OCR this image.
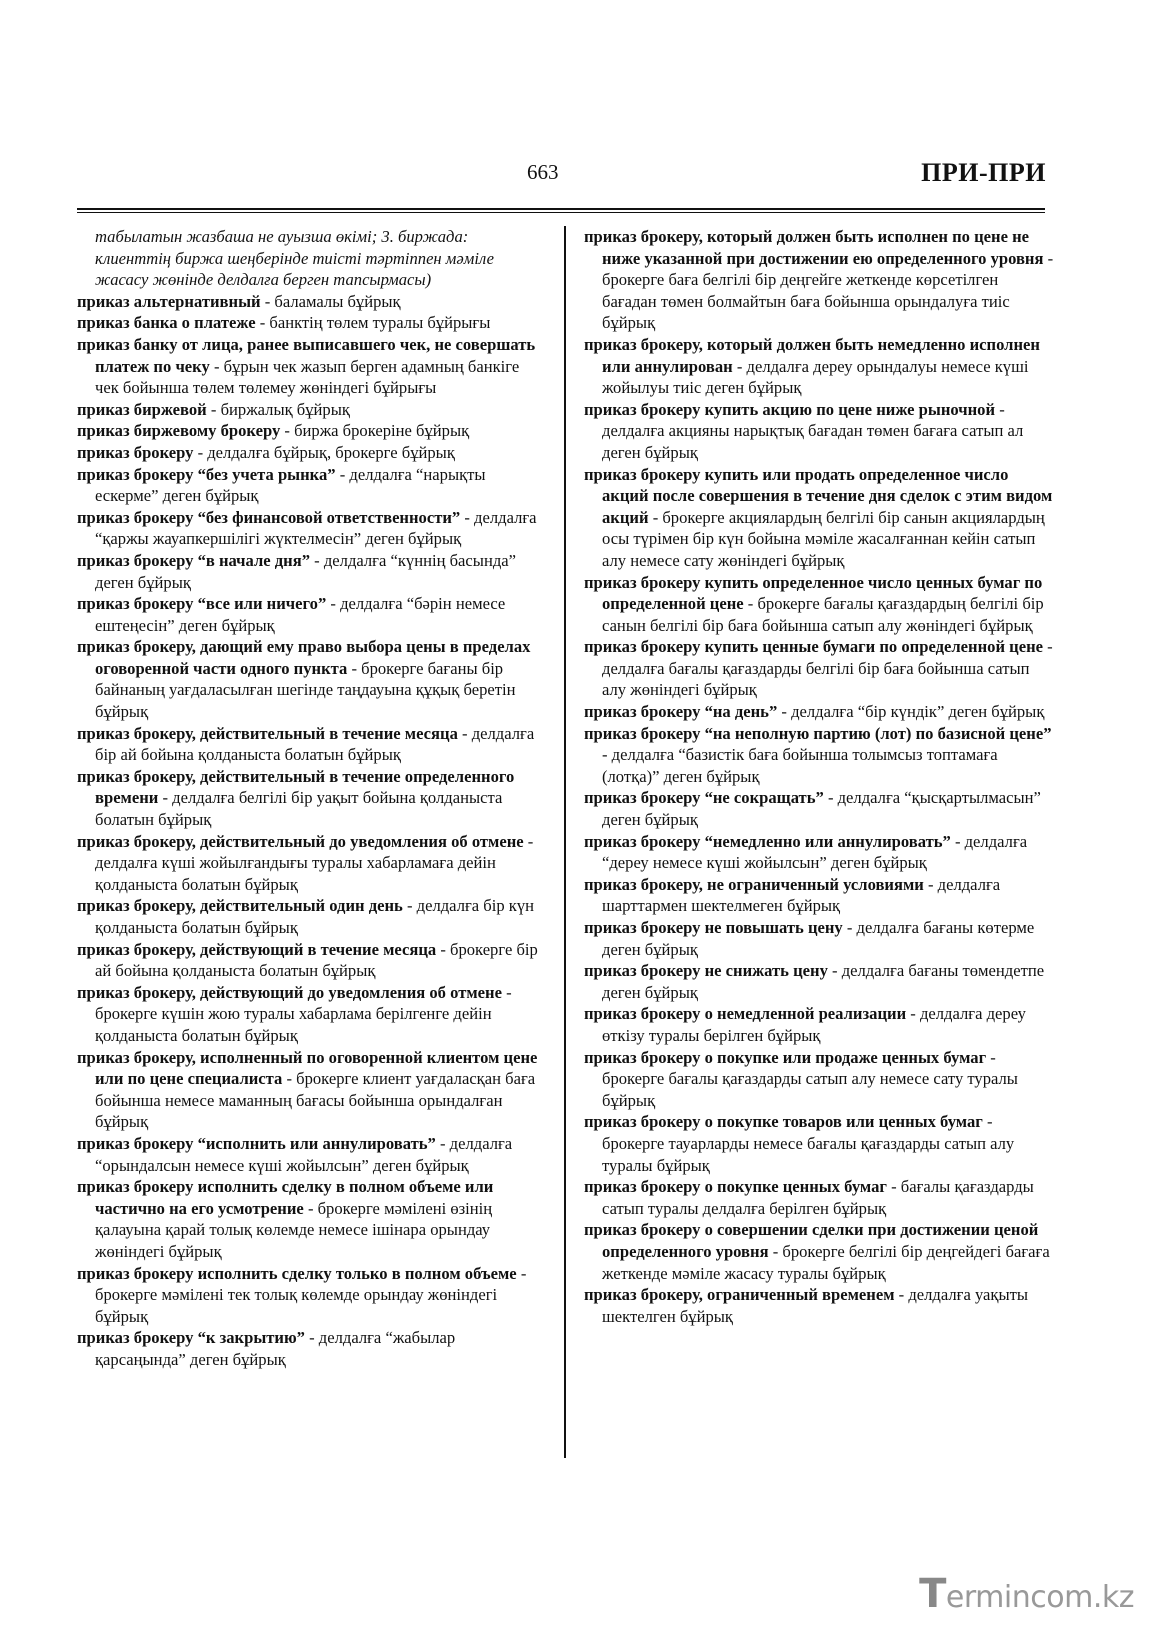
663	ПРИ-ПРИ

табылатын жазбаша не ауызша өкімі; 3. биржада: клиенттің биржа шеңберінде тиісті тәртіппен мәміле жасасу жөнінде делдалға берген тапсырмасы)

приказ альтернативный - баламалы бұйрық

приказ банка о платеже - банктің төлем туралы бұйрығы

приказ банку от лица, ранее выписавшего чек, не совершать платеж по чеку - бұрын чек жазып берген адамның банкіге чек бойынша төлем төлемеу жөніндегі бұйрығы

приказ биржевой - биржалық бұйрық

приказ биржевому брокеру - биржа брокеріне бұйрық

приказ брокеру - делдалға бұйрық, брокерге бұйрық

приказ брокеру “без учета рынка” - делдалға “нарықты ескерме” деген бұйрық

приказ брокеру “без финансовой ответственности” - делдалға “қаржы жауапкершілігі жүктелмесін” деген бұйрық

приказ брокеру “в начале дня” - делдалға “күннің басында” деген бұйрық

приказ брокеру “все или ничего” - делдалға “бәрін немесе ештеңесін” деген бұйрық

приказ брокеру, дающий ему право выбора цены в пределах оговоренной части одного пункта - брокерге бағаны бір байнаның уағдаласылған шегінде таңдауына құқық беретін бұйрық

приказ брокеру, действительный в течение месяца - делдалға бір ай бойына қолданыста болатын бұйрық

приказ брокеру, действительный в течение определенного времени - делдалға белгілі бір уақыт бойына қолданыста болатын бұйрық

приказ брокеру, действительный до уведомления об отмене - делдалға күші жойылғандығы туралы хабарламаға дейін қолданыста болатын бұйрық

приказ брокеру, действительный один день - делдалға бір күн қолданыста болатын бұйрық

приказ брокеру, действующий в течение месяца - брокерге бір ай бойына қолданыста болатын бұйрық

приказ брокеру, действующий до уведомления об отмене - брокерге күшін жою туралы хабарлама берілгенге дейін қолданыста болатын бұйрық

приказ брокеру, исполненный по оговоренной клиентом цене или по цене специалиста - брокерге клиент уағдаласқан баға бойынша немесе маманның бағасы бойынша орындалған бұйрық

приказ брокеру “исполнить или аннулировать” - делдалға “орындалсын немесе күші жойылсын” деген бұйрық

приказ брокеру исполнить сделку в полном объеме или частично на его усмотрение - брокерге мәмілені өзінің қалауына қарай толық көлемде немесе ішінара орындау жөніндегі бұйрық

приказ брокеру исполнить сделку только в полном объеме - брокерге мәмілені тек толық көлемде орындау жөніндегі бұйрық

приказ брокеру “к закрытию” - делдалға “жабылар қарсаңында” деген бұйрық

приказ брокеру, который должен быть исполнен по цене не ниже указанной при достижении ею определенного уровня - брокерге баға белгілі бір деңгейге жеткенде көрсетілген бағадан төмен болмайтын баға бойынша орындалуға тиіс бұйрық

приказ брокеру, который должен быть немедленно исполнен или аннулирован - делдалға дереу орындалуы немесе күші жойылуы тиіс деген бұйрық

приказ брокеру купить акцию по цене ниже рыночной - делдалға акцияны нарықтық бағадан төмен бағаға сатып ал деген бұйрық

приказ брокеру купить или продать определенное число акций после совершения в течение дня сделок с этим видом акций - брокерге акциялардың белгілі бір санын акциялардың осы түрімен бір күн бойына мәміле жасалғаннан кейін сатып алу немесе сату жөніндегі бұйрық

приказ брокеру купить определенное число ценных бумаг по определенной цене - брокерге бағалы қағаздардың белгілі бір санын белгілі бір баға бойынша сатып алу жөніндегі бұйрық

приказ брокеру купить ценные бумаги по определенной цене - делдалға бағалы қағаздарды белгілі бір баға бойынша сатып алу жөніндегі бұйрық

приказ брокеру “на день” - делдалға “бір күндік” деген бұйрық

приказ брокеру “на неполную партию (лот) по базисной цене” - делдалға “базистік баға бойынша толымсыз топтамаға (лотқа)” деген бұйрық

приказ брокеру “не сокращать” - делдалға “қысқартылмасын” деген бұйрық

приказ брокеру “немедленно или аннулировать” - делдалға “дереу немесе күші жойылсын” деген бұйрық

приказ брокеру, не ограниченный условиями - делдалға шарттармен шектелмеген бұйрық

приказ брокеру не повышать цену - делдалға бағаны көтерме деген бұйрық

приказ брокеру не снижать цену - делдалға бағаны төмендетпе деген бұйрық

приказ брокеру о немедленной реализации - делдалға дереу өткізу туралы берілген бұйрық

приказ брокеру о покупке или продаже ценных бумаг - брокерге бағалы қағаздарды сатып алу немесе сату туралы бұйрық

приказ брокеру о покупке товаров или ценных бумаг - брокерге тауарларды немесе бағалы қағаздарды сатып алу туралы бұйрық

приказ брокеру о покупке ценных бумаг - бағалы қағаздарды сатып туралы делдалға берілген бұйрық

приказ брокеру о совершении сделки при достижении ценой определенного уровня - брокерге белгілі бір деңгейдегі бағаға жеткенде мәміле жасасу туралы бұйрық

приказ брокеру, ограниченный временем - делдалға уақыты шектелген бұйрық

Termincom.kz
